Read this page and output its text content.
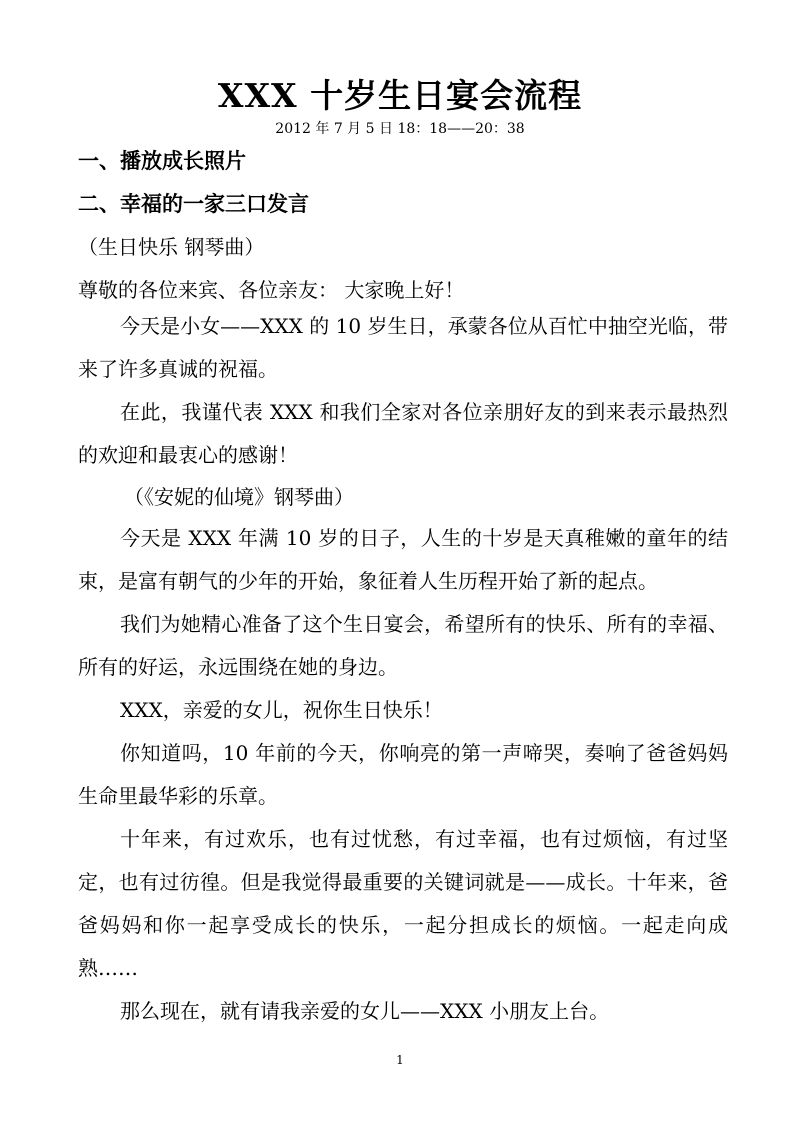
XXX 十岁生日宴会流程
2012 年 7 月 5 日 18：18——20：38
一、播放成长照片
二、幸福的一家三口发言
（生日快乐 钢琴曲）
尊敬的各位来宾、各位亲友： 大家晚上好！
今天是小女——XXX 的 10 岁生日，承蒙各位从百忙中抽空光临，带来了许多真诚的祝福。
在此，我谨代表 XXX 和我们全家对各位亲朋好友的到来表示最热烈的欢迎和最衷心的感谢！
（《安妮的仙境》钢琴曲）
今天是 XXX 年满 10 岁的日子，人生的十岁是天真稚嫩的童年的结束，是富有朝气的少年的开始，象征着人生历程开始了新的起点。
我们为她精心准备了这个生日宴会，希望所有的快乐、所有的幸福、所有的好运，永远围绕在她的身边。
XXX，亲爱的女儿，祝你生日快乐！
你知道吗，10 年前的今天，你响亮的第一声啼哭，奏响了爸爸妈妈生命里最华彩的乐章。
十年来，有过欢乐，也有过忧愁，有过幸福，也有过烦恼，有过坚定，也有过彷徨。但是我觉得最重要的关键词就是——成长。十年来，爸爸妈妈和你一起享受成长的快乐，一起分担成长的烦恼。一起走向成熟……
那么现在，就有请我亲爱的女儿——XXX 小朋友上台。
1
